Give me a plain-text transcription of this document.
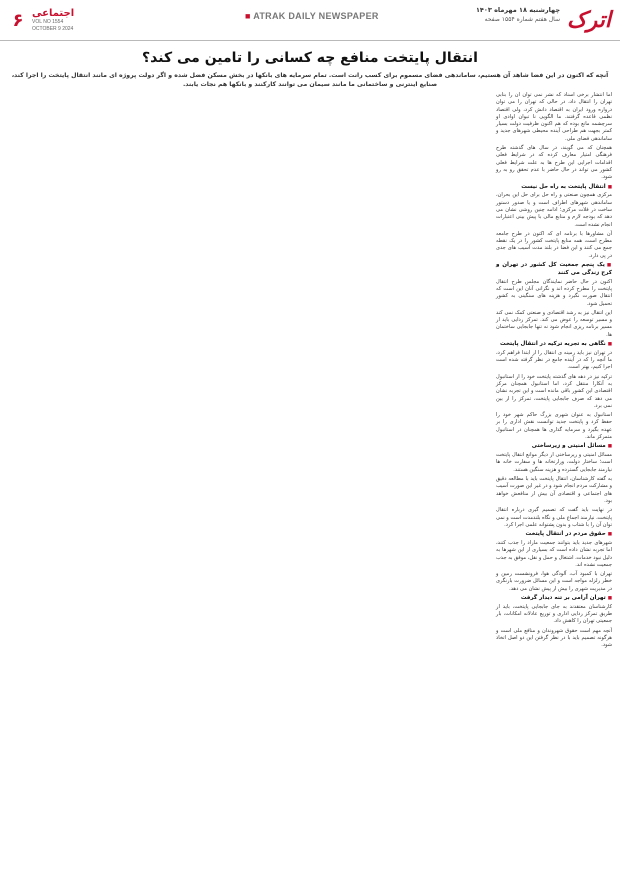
اترک
چهارشنبه ۱۸ مهرماه ۱۴۰۳
سال هفتم شماره ۱۵۵۴ صفحه
■ ATRAK DAILY NEWSPAPER
۶ اجتماعی
VOL NO 1554
OCTOBER 9 2024
انتقال پایتخت منافع چه کسانی را تامین می کند؟

آنچه که اکنون در این فضا شاهد آن هستیم، ساماندهی فضای مسموم برای کسب رانت است. تمام سرمایه های بانکها در بخش مسکن فضل شده و اگر دولت پروژه ای مانند انتقال پایتخت را اجرا کند، صنایع اینترنی و ساختمانی ما مانند سیمان می توانند کارکنند و بانکها هم نجات یابند.

اما انتشار برخی اسناد که نشر نمی توان آن را بنابی تهران را انتقال داد، در حالی که تهران را می توان دروازه ورود ایران به اقتصاد دانش کرد، ولی اقتصاد نظمی قاعده گرفتند. ما الگویی نا تبوان اوادی او سرچشمه مانع بوده که هم اکنون ظرفیت دولت بسیار کمتر بجهت هم طراحی آینده محیطی شهرهای جدید و ساماندهی فضای ملی.

همچنان که می گویند، در سال های گذشته طرح فرهنگی امتیار معارف کرده که در شرایط فعلی اقدامات اجرایی این طرح ها به علت شرایط فعلی کشور می تواند در حال حاضر با عدم تحقق رو به رو شود.

■ انتقال پایتخت به راه حل نیست

مرکزی همچون صنعتی و راه حل برای حل این بحران، ساماندهی شهرهای اطراف است و یا صدور دستور ساخت در فلات مرکزی؛ ادامه چنین روشی نشان می دهد که بودجه لازم و منابع مالی با پیش بینی اعتبارات انجام نشده است.

آن مشاورها با برنامه ای که اکنون در طرح جامعه مطرح است، همه منابع پایتخت کشور را در یک نقطه جمع می کنند و این فضا در بلند مدت آسیب های جدی در پی دارد.

■ یک پنجم جمعیت کل کشور در تهران و کرج زندگی می کنند

اکنون در حال حاضر نمایندگان مجلس طرح انتقال پایتخت را مطرح کرده اند و نگرانی آنان این است که انتقال صورت نگیرد و هزینه های سنگینی به کشور تحمیل شود.

این انتقال نیز به رشد اقتصادی و صنعتی کمک نمی کند و مسیر توسعه را عوض می کند. تمرکز زدایی باید از مسیر برنامه ریزی انجام شود نه تنها جابجایی ساختمان ها.

■ نگاهی به تجربه ترکیه در انتقال پایتخت

در تهران نیز باید زمینه ی انتقال را از ابتدا فراهم کرد، ما آنچه را که در آینده جامع در نظر گرفته شده است اجرا کنیم، بهتر است.

ترکیه نیز در دهه های گذشته پایتخت خود را از استانبول به آنکارا منتقل کرد، اما استانبول همچنان مرکز اقتصادی این کشور باقی مانده است و این تجربه نشان می دهد که صرف جابجایی پایتخت، تمرکز را از بین نمی برد.

استانبول به عنوان شهری بزرگ حاکم شهر خود را حفظ کرد و پایتخت جدید توانست نقش اداری را بر عهده بگیرد و سرمایه گذاری ها همچنان در استانبول متمرکز ماند.

■ مسائل امنیتی و زیرساختی

مسائل امنیتی و زیرساختی از دیگر موانع انتقال پایتخت است؛ ساختار دولت، وزارتخانه ها و سفارت خانه ها نیازمند جابجایی گسترده و هزینه سنگین هستند.

به گفته کارشناسان، انتقال پایتخت باید با مطالعه دقیق و مشارکت مردم انجام شود و در غیر این صورت آسیب های اجتماعی و اقتصادی آن بیش از منافعش خواهد بود.

در نهایت باید گفت که تصمیم گیری درباره انتقال پایتخت، نیازمند اجماع ملی و نگاه بلندمدت است و نمی توان آن را با شتاب و بدون پشتوانه علمی اجرا کرد.

■ حقوق مردم در انتقال پایتخت

شهرهای جدید باید بتوانند جمعیت مازاد را جذب کنند، اما تجربه نشان داده است که بسیاری از این شهرها به دلیل نبود خدمات، اشتغال و حمل و نقل، موفق به جذب جمعیت نشده اند.

تهران با کمبود آب، آلودگی هوا، فرونشست زمین و خطر زلزله مواجه است و این مسائل ضرورت بازنگری در مدیریت شهری را بیش از پیش نشان می دهد.

■ تهران آرامی بر تنه دیدار گرفت

کارشناسان معتقدند به جای جابجایی پایتخت، باید از طریق تمرکز زدایی اداری و توزیع عادلانه امکانات، بار جمعیتی تهران را کاهش داد.

آنچه مهم است حقوق شهروندان و منافع ملی است و هرگونه تصمیم باید با در نظر گرفتن این دو اصل اتخاذ شود.
